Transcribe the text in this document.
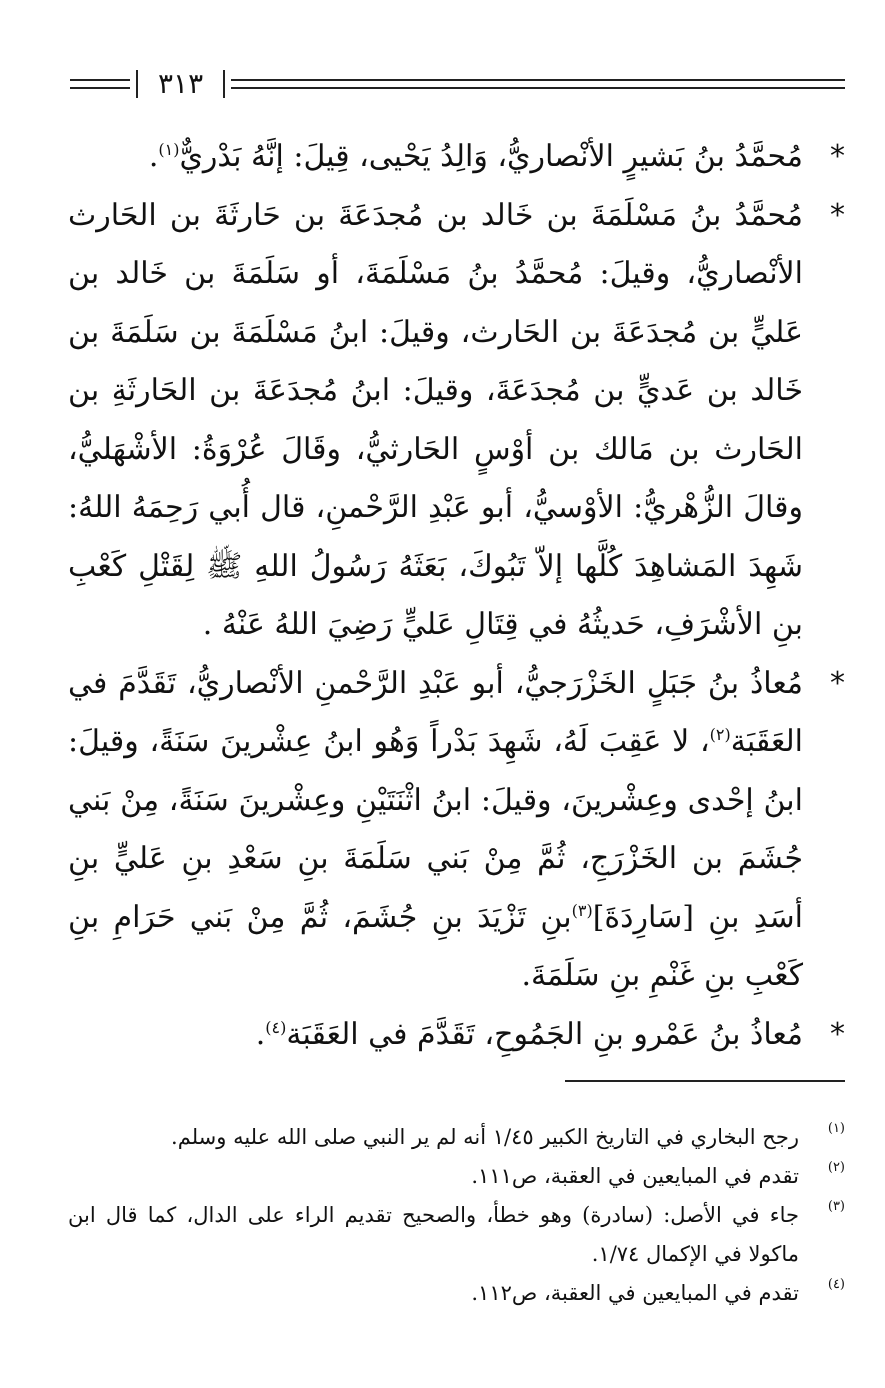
٣١٣

*
مُحمَّدُ بنُ بَشيرٍ الأنْصاريُّ، وَالِدُ يَحْيى، قِيلَ: إنَّهُ بَدْريٌّ$^{(١)}$.

*
مُحمَّدُ بنُ مَسْلَمَةَ بن خَالد بن مُجدَعَةَ بن حَارثَةَ بن الحَارث الأنْصاريُّ، وقيلَ: مُحمَّدُ بنُ مَسْلَمَةَ، أو سَلَمَةَ بن خَالد بن عَليٍّ بن مُجدَعَةَ بن الحَارث، وقيلَ: ابنُ مَسْلَمَةَ بن سَلَمَةَ بن خَالد بن عَديٍّ بن مُجدَعَةَ، وقيلَ: ابنُ مُجدَعَةَ بن الحَارثَةِ بن الحَارث بن مَالك بن أوْسٍ الحَارثيُّ، وقَالَ عُرْوَةُ: الأشْهَليُّ، وقالَ الزُّهْريُّ: الأوْسيُّ، أبو عَبْدِ الرَّحْمنِ، قال أُبي رَحِمَهُ اللهُ: شَهِدَ المَشاهِدَ كُلَّها إلاّ تَبُوكَ، بَعَثَهُ رَسُولُ اللهِ ﷺ لِقَتْلِ كَعْبِ بنِ الأشْرَفِ، حَديثُهُ في قِتَالِ عَليٍّ رَضِيَ اللهُ عَنْهُ .

*
مُعاذُ بنُ جَبَلٍ الخَزْرَجيُّ، أبو عَبْدِ الرَّحْمنِ الأنْصاريُّ، تَقَدَّمَ في العَقَبَة$^{(٢)}$، لا عَقِبَ لَهُ، شَهِدَ بَدْراً وَهُو ابنُ عِشْرينَ سَنَةً، وقيلَ: ابنُ إحْدى وعِشْرينَ، وقيلَ: ابنُ اثْنَتَيْنِ وعِشْرينَ سَنَةً، مِنْ بَني جُشَمَ بن الخَزْرَجِ، ثُمَّ مِنْ بَني سَلَمَةَ بنِ سَعْدِ بنِ عَليٍّ بنِ أسَدِ بنِ [سَارِدَةَ]$^{(٣)}$بنِ تَزْيَدَ بنِ جُشَمَ، ثُمَّ مِنْ بَني حَرَامِ بنِ كَعْبِ بنِ غَنْمِ بنِ سَلَمَةَ.

*
مُعاذُ بنُ عَمْرو بنِ الجَمُوحِ، تَقَدَّمَ في العَقَبَة$^{(٤)}$.

(١)
رجح البخاري في التاريخ الكبير ١/٤٥ أنه لم ير النبي صلى الله عليه وسلم.

(٢)
تقدم في المبايعين في العقبة، ص١١١.

(٣)
جاء في الأصل: (سادرة) وهو خطأ، والصحيح تقديم الراء على الدال، كما قال ابن ماكولا في الإكمال ١/٧٤.

(٤)
تقدم في المبايعين في العقبة، ص١١٢.
